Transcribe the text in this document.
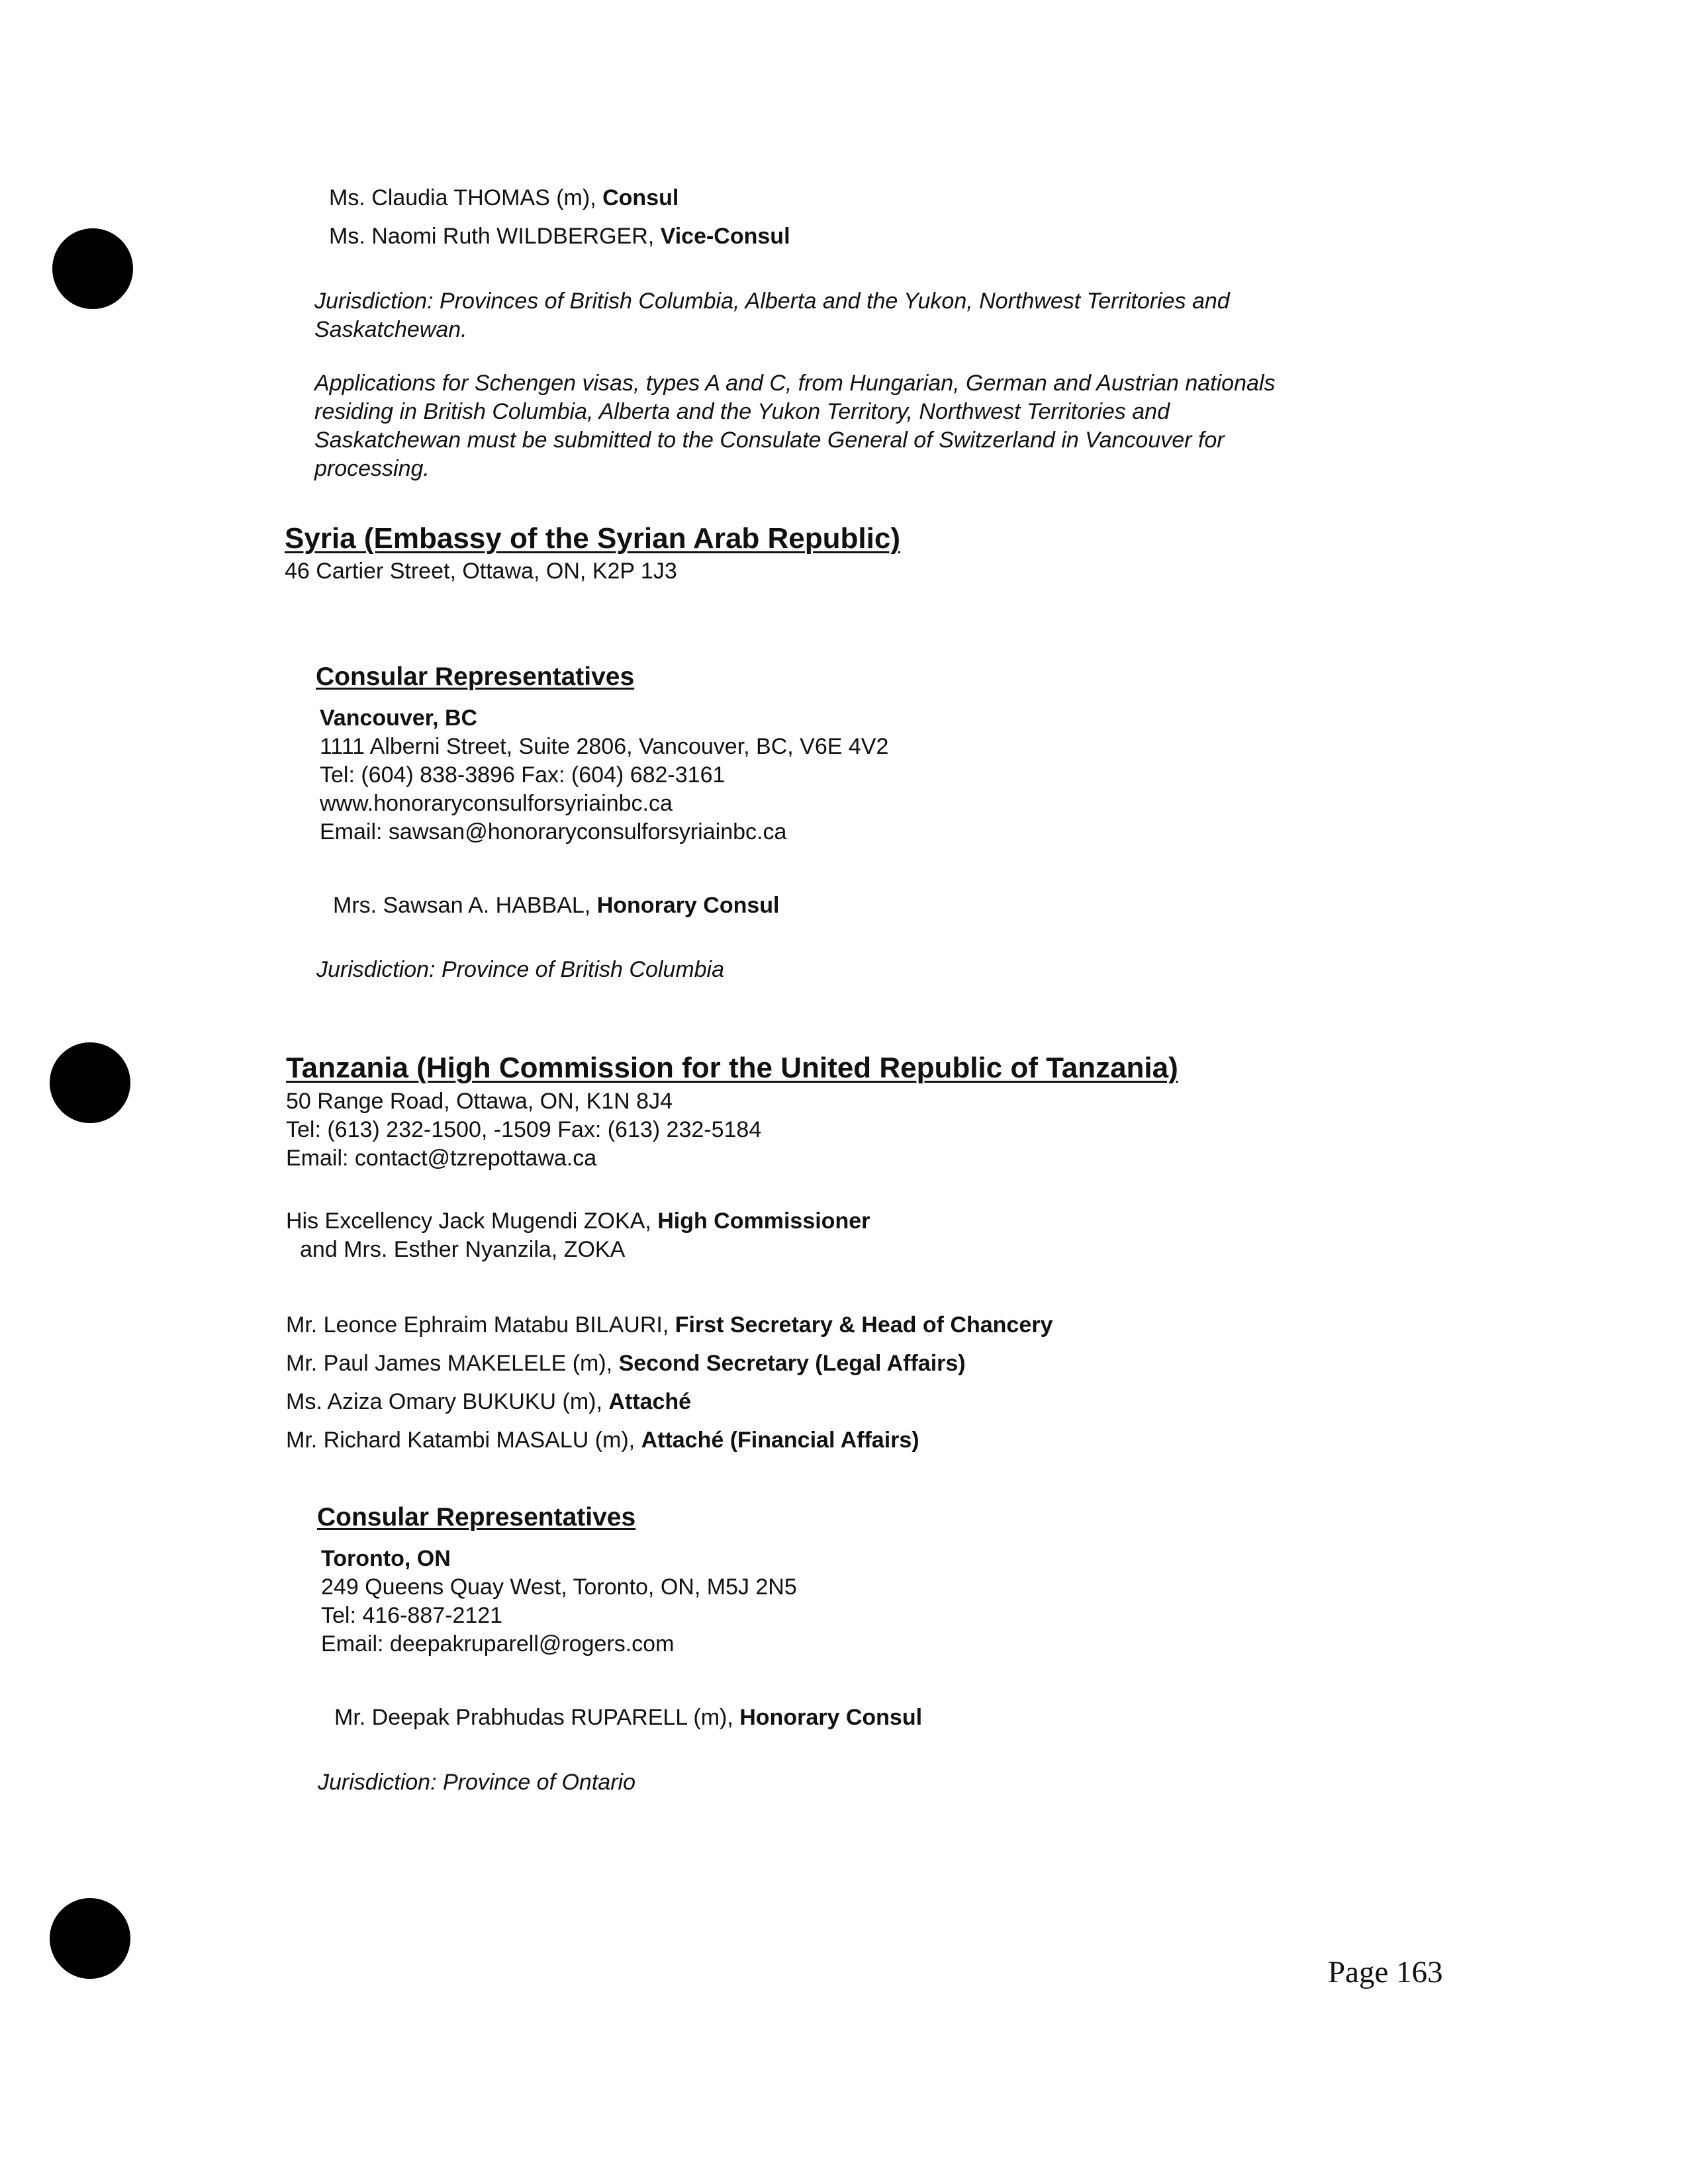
Ms. Claudia THOMAS (m), Consul
Ms. Naomi Ruth WILDBERGER, Vice-Consul
Jurisdiction: Provinces of British Columbia, Alberta and the Yukon, Northwest Territories and
Saskatchewan.
Applications for Schengen visas, types A and C, from Hungarian, German and Austrian nationals
residing in British Columbia, Alberta and the Yukon Territory, Northwest Territories and
Saskatchewan must be submitted to the Consulate General of Switzerland in Vancouver for
processing.
Syria (Embassy of the Syrian Arab Republic)
46 Cartier Street, Ottawa, ON, K2P 1J3
Consular Representatives
Vancouver, BC
1111 Alberni Street, Suite 2806, Vancouver, BC, V6E 4V2
Tel: (604) 838-3896 Fax: (604) 682-3161
www.honoraryconsulforsyriainbc.ca
Email: sawsan@honoraryconsulforsyriainbc.ca
Mrs. Sawsan A. HABBAL, Honorary Consul
Jurisdiction: Province of British Columbia
Tanzania (High Commission for the United Republic of Tanzania)
50 Range Road, Ottawa, ON, K1N 8J4
Tel: (613) 232-1500, -1509 Fax: (613) 232-5184
Email: contact@tzrepottawa.ca
His Excellency Jack Mugendi ZOKA, High Commissioner
and Mrs. Esther Nyanzila, ZOKA
Mr. Leonce Ephraim Matabu BILAURI, First Secretary & Head of Chancery
Mr. Paul James MAKELELE (m), Second Secretary (Legal Affairs)
Ms. Aziza Omary BUKUKU (m), Attaché
Mr. Richard Katambi MASALU (m), Attaché (Financial Affairs)
Consular Representatives
Toronto, ON
249 Queens Quay West, Toronto, ON, M5J 2N5
Tel: 416-887-2121
Email: deepakruparell@rogers.com
Mr. Deepak Prabhudas RUPARELL (m), Honorary Consul
Jurisdiction: Province of Ontario
Page 163
